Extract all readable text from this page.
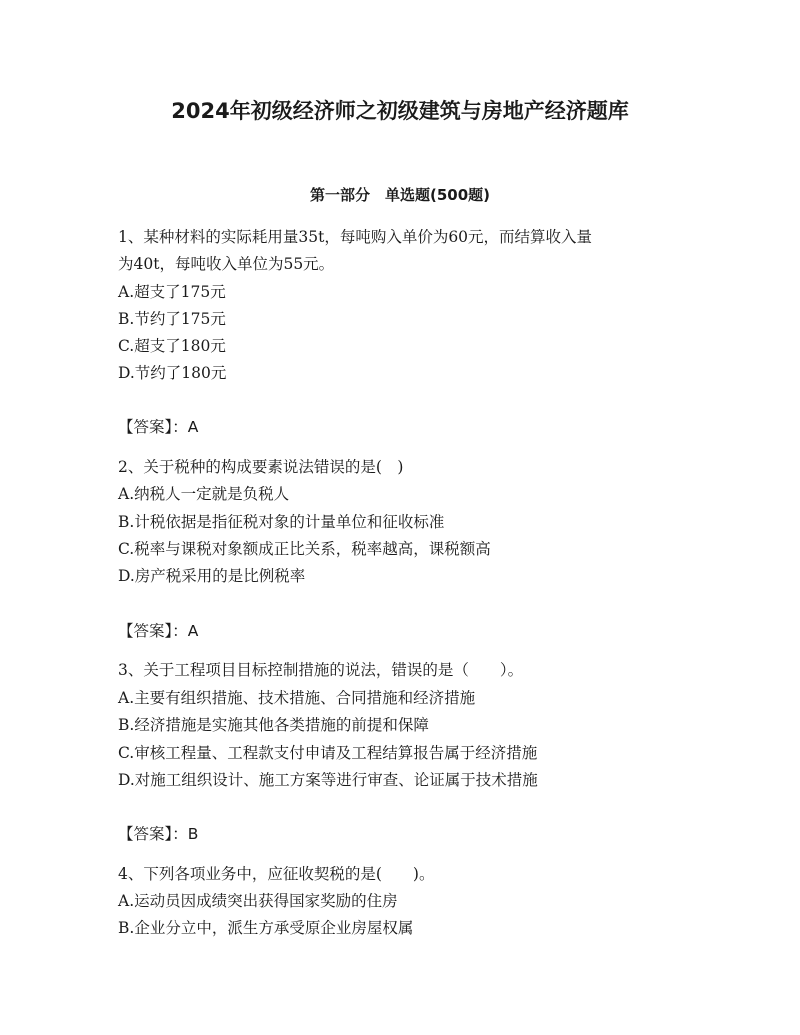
2024年初级经济师之初级建筑与房地产经济题库
第一部分　单选题(500题)
1、某种材料的实际耗用量35t，每吨购入单价为60元，而结算收入量
为40t，每吨收入单位为55元。
A.超支了175元
B.节约了175元
C.超支了180元
D.节约了180元
【答案】：A
2、关于税种的构成要素说法错误的是(　)
A.纳税人一定就是负税人
B.计税依据是指征税对象的计量单位和征收标准
C.税率与课税对象额成正比关系，税率越高，课税额高
D.房产税采用的是比例税率
【答案】：A
3、关于工程项目目标控制措施的说法，错误的是（　　）。
A.主要有组织措施、技术措施、合同措施和经济措施
B.经济措施是实施其他各类措施的前提和保障
C.审核工程量、工程款支付申请及工程结算报告属于经济措施
D.对施工组织设计、施工方案等进行审查、论证属于技术措施
【答案】：B
4、下列各项业务中，应征收契税的是(　　)。
A.运动员因成绩突出获得国家奖励的住房
B.企业分立中，派生方承受原企业房屋权属
